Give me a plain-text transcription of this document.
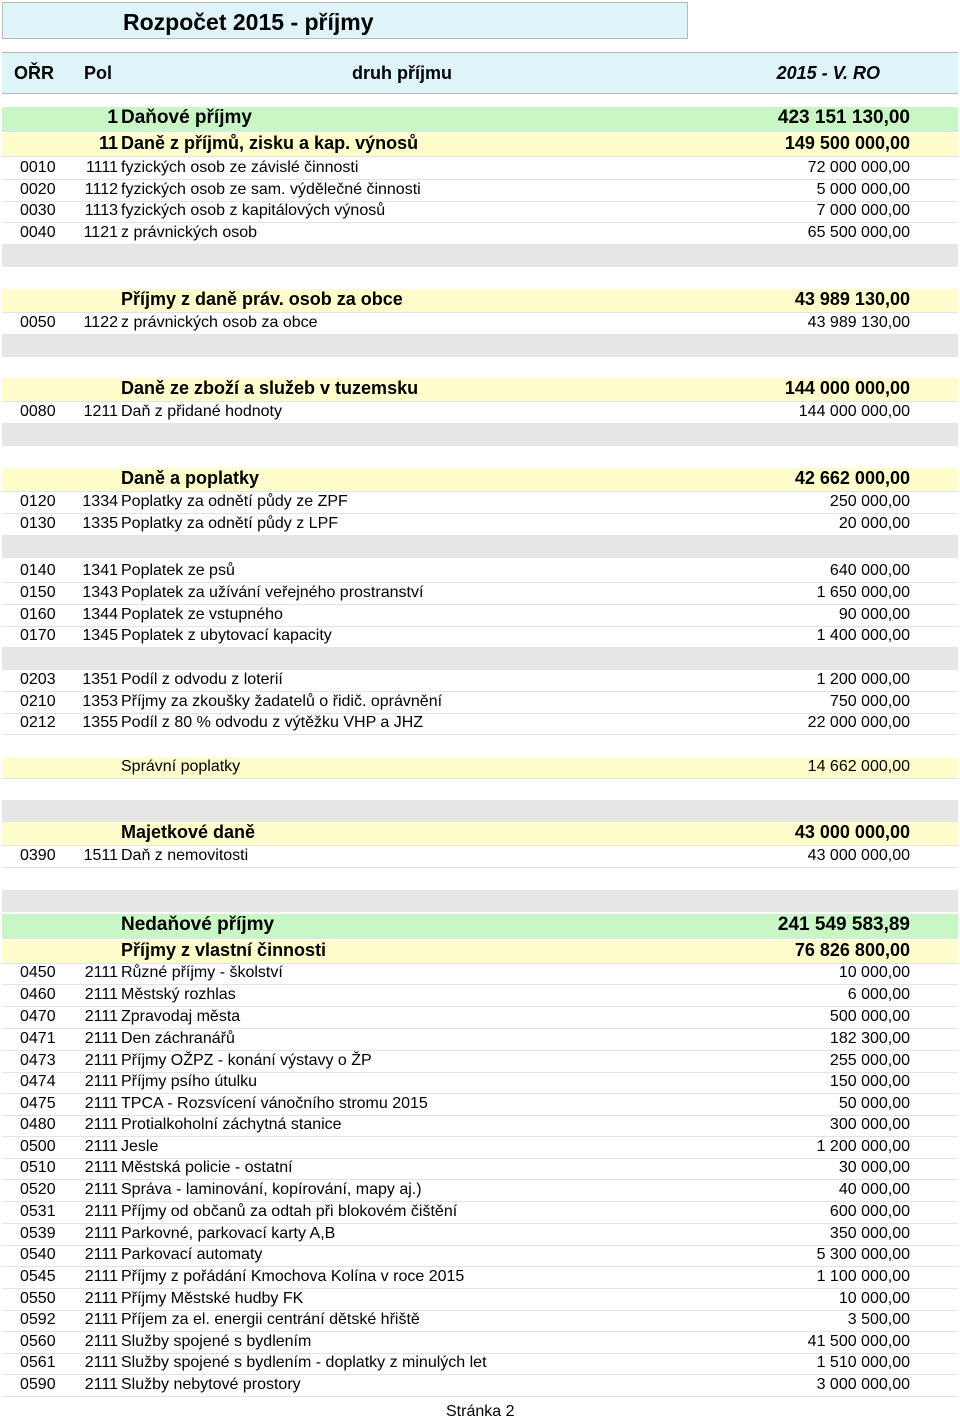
Rozpočet 2015 - příjmy
OŘR Pol	druh příjmu	2015 - V. RO
1 Daňové příjmy	423 151 130,00
11 Daně z příjmů, zisku a kap. výnosů	149 500 000,00
0010 1111 fyzických osob ze závislé činnosti	72 000 000,00
0020 1112 fyzických osob ze sam. výdělečné činnosti	5 000 000,00
0030 1113 fyzických osob z kapitálových výnosů	7 000 000,00
0040 1121 z právnických osob	65 500 000,00
Příjmy z daně práv. osob za obce	43 989 130,00
0050 1122 z právnických osob za obce	43 989 130,00
Daně ze zboží a služeb v tuzemsku	144 000 000,00
0080 1211 Daň z přidané hodnoty	144 000 000,00
Daně a poplatky	42 662 000,00
0120 1334 Poplatky za odnětí půdy ze ZPF	250 000,00
0130 1335 Poplatky za odnětí půdy z LPF	20 000,00
0140 1341 Poplatek ze psů	640 000,00
0150 1343 Poplatek za užívání veřejného prostranství	1 650 000,00
0160 1344 Poplatek ze vstupného	90 000,00
0170 1345 Poplatek z ubytovací kapacity	1 400 000,00
0203 1351 Podíl z odvodu z loterií	1 200 000,00
0210 1353 Příjmy za zkoušky žadatelů o řidič. oprávnění	750 000,00
0212 1355 Podíl z 80 % odvodu z výtěžku VHP a JHZ	22 000 000,00
Správní poplatky	14 662 000,00
Majetkové daně	43 000 000,00
0390 1511 Daň z nemovitosti	43 000 000,00
Nedaňové příjmy	241 549 583,89
Příjmy z vlastní činnosti	76 826 800,00
0450 2111 Různé příjmy - školství	10 000,00
0460 2111 Městský rozhlas	6 000,00
0470 2111 Zpravodaj města	500 000,00
0471 2111 Den záchranářů	182 300,00
0473 2111 Příjmy OŽPZ - konání výstavy o ŽP	255 000,00
0474 2111 Příjmy psího útulku	150 000,00
0475 2111 TPCA - Rozsvícení vánočního stromu 2015	50 000,00
0480 2111 Protialkoholní záchytná stanice	300 000,00
0500 2111 Jesle	1 200 000,00
0510 2111 Městská policie - ostatní	30 000,00
0520 2111 Správa - laminování, kopírování, mapy aj.)	40 000,00
0531 2111 Příjmy od občanů za odtah při blokovém čištění	600 000,00
0539 2111 Parkovné, parkovací karty A,B	350 000,00
0540 2111 Parkovací automaty	5 300 000,00
0545 2111 Příjmy z pořádání Kmochova Kolína v roce 2015	1 100 000,00
0550 2111 Příjmy Městské hudby FK	10 000,00
0592 2111 Příjem za el. energii centrání dětské hřiště	3 500,00
0560 2111 Služby spojené s bydlením	41 500 000,00
0561 2111 Služby spojené s bydlením - doplatky z minulých let	1 510 000,00
0590 2111 Služby nebytové prostory	3 000 000,00
Stránka 2
